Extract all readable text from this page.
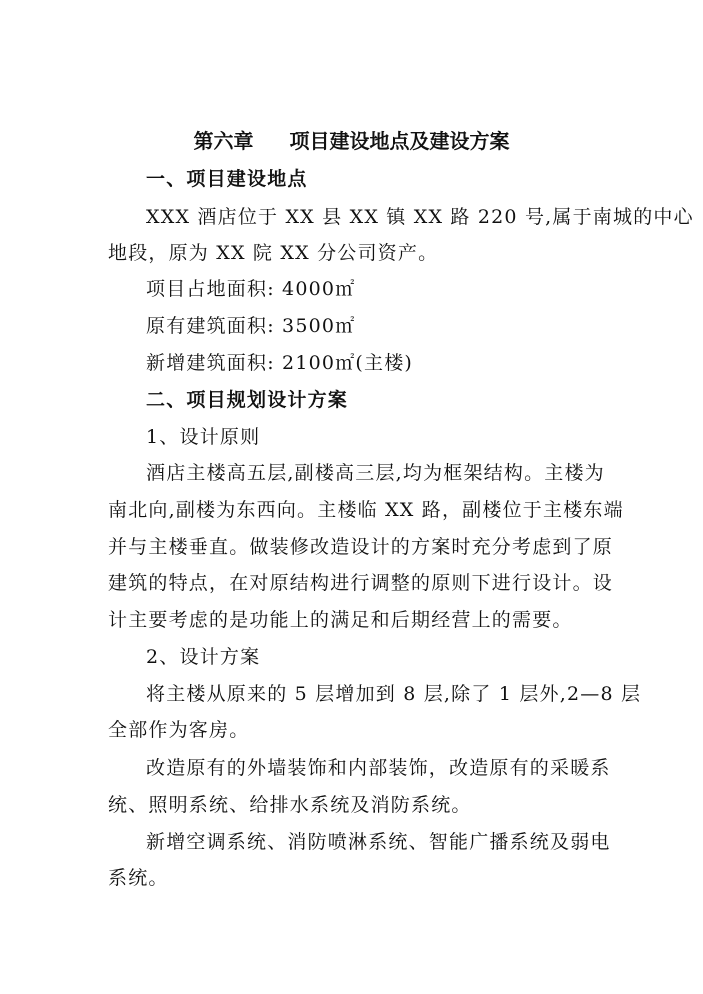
第六章 项目建设地点及建设方案
一、项目建设地点
XXX 酒店位于 XX 县 XX 镇 XX 路 220 号,属于南城的中心
地段，原为 XX 院 XX 分公司资产。
项目占地面积: 4000㎡
原有建筑面积: 3500㎡
新增建筑面积: 2100㎡(主楼)
二、项目规划设计方案
1、设计原则
酒店主楼高五层,副楼高三层,均为框架结构。主楼为
南北向,副楼为东西向。主楼临 XX 路，副楼位于主楼东端
并与主楼垂直。做装修改造设计的方案时充分考虑到了原
建筑的特点，在对原结构进行调整的原则下进行设计。设
计主要考虑的是功能上的满足和后期经营上的需要。
2、设计方案
将主楼从原来的 5 层增加到 8 层,除了 1 层外,2—8 层
全部作为客房。
改造原有的外墙装饰和内部装饰，改造原有的采暖系
统、照明系统、给排水系统及消防系统。
新增空调系统、消防喷淋系统、智能广播系统及弱电
系统。
